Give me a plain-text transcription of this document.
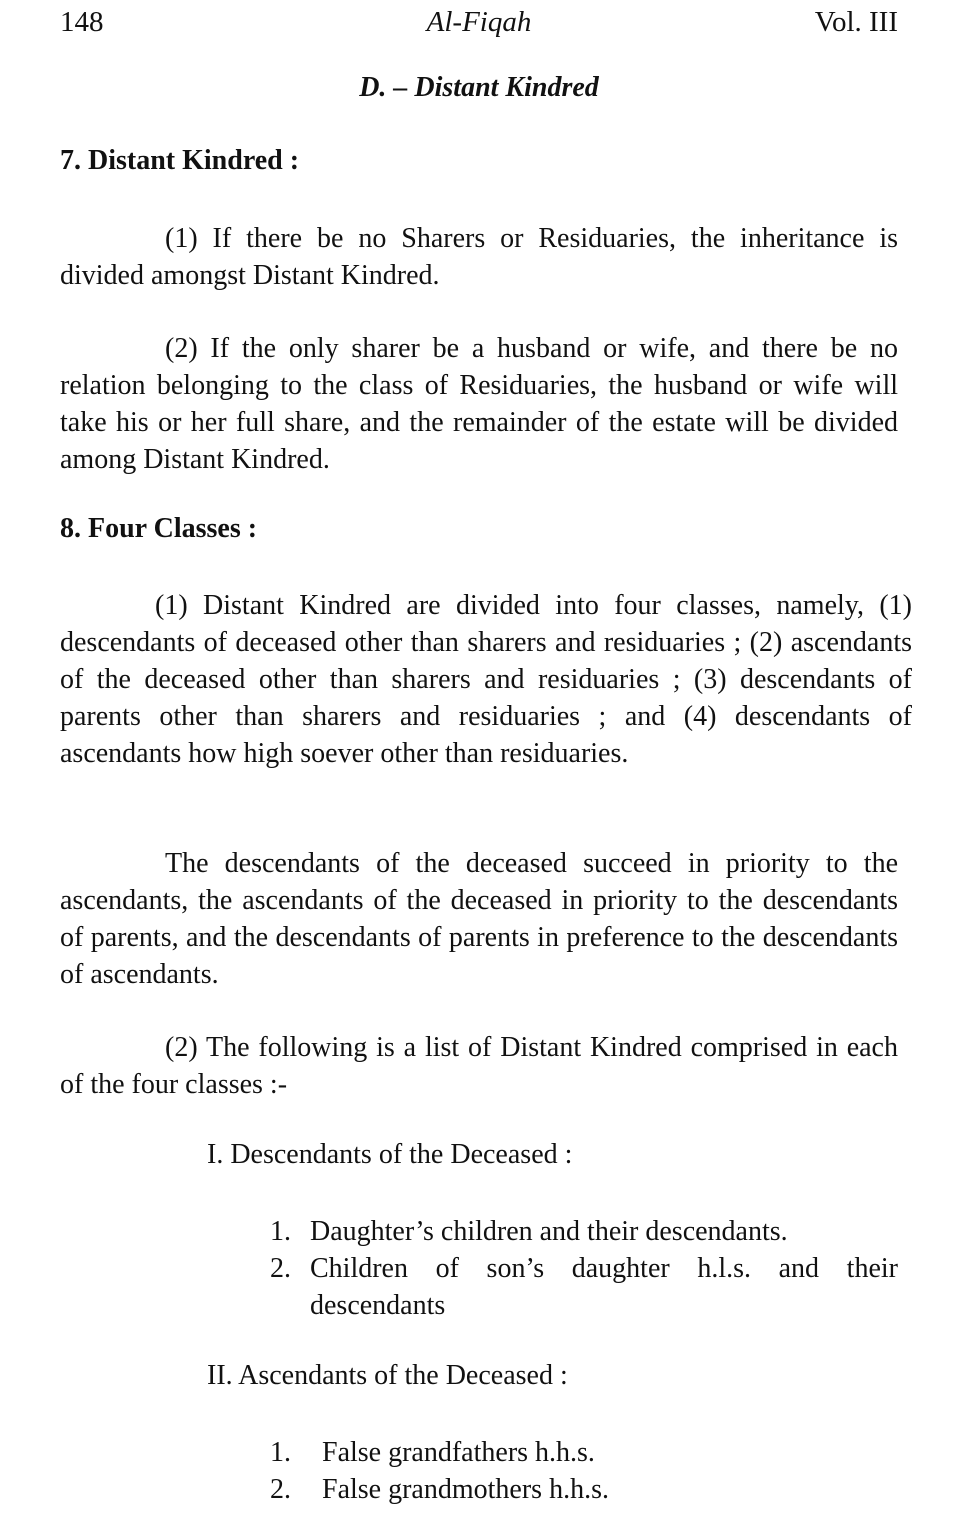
148	Al-Fiqah	Vol. III
D. – Distant Kindred
7. Distant Kindred :

(1) If there be no Sharers or Residuaries, the inheritance is divided amongst Distant Kindred.

(2) If the only sharer be a husband or wife, and there be no relation belonging to the class of Residuaries, the husband or wife will take his or her full share, and the remainder of the estate will be divided among Distant Kindred.

8. Four Classes :

(1) Distant Kindred are divided into four classes, namely, (1) descendants of deceased other than sharers and residuaries ; (2) ascendants of the deceased other than sharers and residuaries ; (3) descendants of parents other than sharers and residuaries ; and (4) descendants of ascendants how high soever other than residuaries.

The descendants of the deceased succeed in priority to the ascendants, the ascendants of the deceased in priority to the descendants of parents, and the descendants of parents in preference to the descendants of ascendants.

(2) The following is a list of Distant Kindred comprised in each of the four classes :-

I. Descendants of the Deceased :

1. Daughter’s children and their descendants.
2. Children of son’s daughter h.l.s. and their descendants

II. Ascendants of the Deceased :

1.	False grandfathers h.h.s.
2.	False grandmothers h.h.s.
